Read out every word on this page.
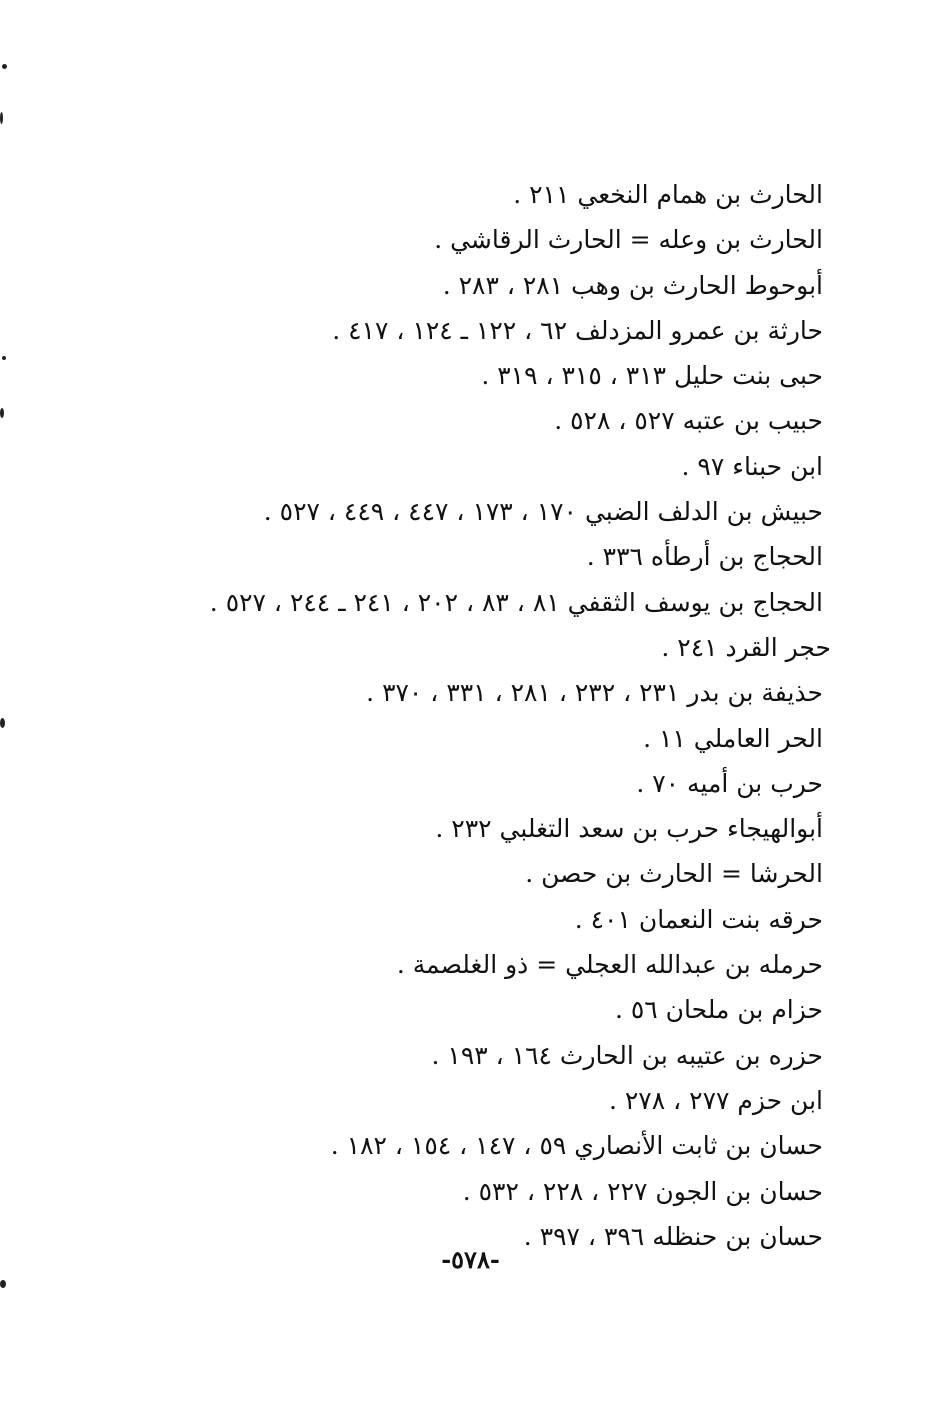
الحارث بن همام النخعي ٢١١ .
الحارث بن وعله = الحارث الرقاشي .
أبوحوط الحارث بن وهب ٢٨١ ، ٢٨٣ .
حارثة بن عمرو المزدلف ٦٢ ، ١٢٢ ـ ١٢٤ ، ٤١٧ .
حبى بنت حليل ٣١٣ ، ٣١٥ ، ٣١٩ .
حبيب بن عتبه ٥٢٧ ، ٥٢٨ .
ابن حبناء ٩٧ .
حبيش بن الدلف الضبي ١٧٠ ، ١٧٣ ، ٤٤٧ ، ٤٤٩ ، ٥٢٧ .
الحجاج بن أرطأه ٣٣٦ .
الحجاج بن يوسف الثقفي ٨١ ، ٨٣ ، ٢٠٢ ، ٢٤١ ـ ٢٤٤ ، ٥٢٧ .
حجر القرد ٢٤١ .
حذيفة بن بدر ٢٣١ ، ٢٣٢ ، ٢٨١ ، ٣٣١ ، ٣٧٠ .
الحر العاملي ١١ .
حرب بن أميه ٧٠ .
أبوالهيجاء حرب بن سعد التغلبي ٢٣٢ .
الحرشا = الحارث بن حصن .
حرقه بنت النعمان ٤٠١ .
حرمله بن عبدالله العجلي = ذو الغلصمة .
حزام بن ملحان ٥٦ .
حزره بن عتيبه بن الحارث ١٦٤ ، ١٩٣ .
ابن حزم ٢٧٧ ، ٢٧٨ .
حسان بن ثابت الأنصاري ٥٩ ، ١٤٧ ، ١٥٤ ، ١٨٢ .
حسان بن الجون ٢٢٧ ، ٢٢٨ ، ٥٣٢ .
حسان بن حنظله ٣٩٦ ، ٣٩٧ .
-٥٧٨-
